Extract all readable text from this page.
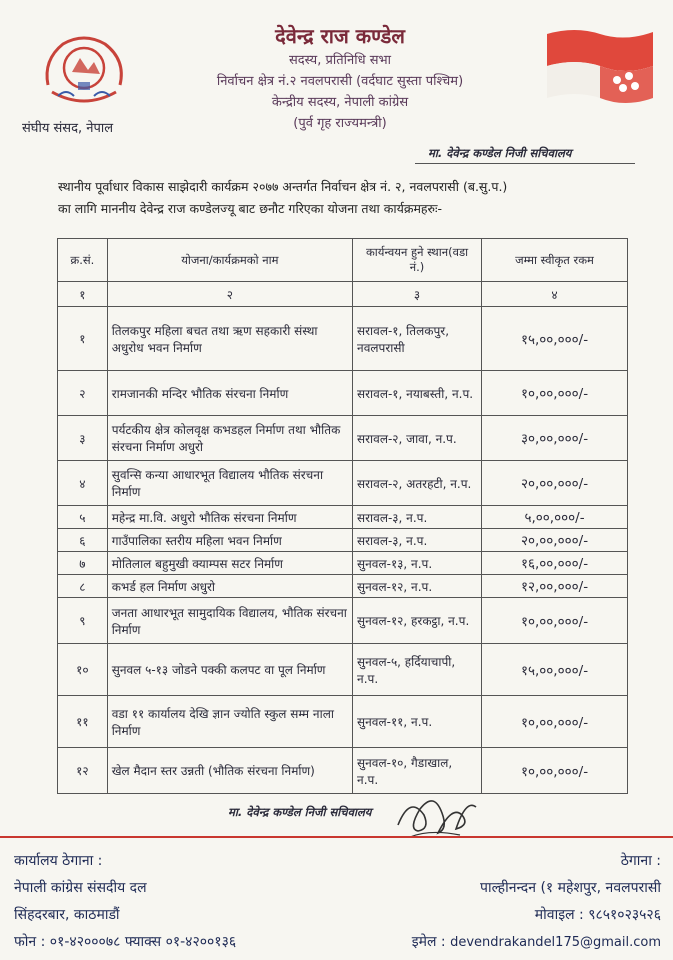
संघीय संसद, नेपाल
देवेन्द्र राज कण्डेल
सदस्य, प्रतिनिधि सभा
निर्वाचन क्षेत्र नं.२ नवलपरासी (वर्दघाट सुस्ता पश्चिम)
केन्द्रीय सदस्य, नेपाली कांग्रेस
(पुर्व गृह राज्यमन्त्री)
मा. देवेन्द्र कण्डेल निजी सचिवालय
स्थानीय पूर्वाधार विकास साझेदारी कार्यक्रम २०७७ अन्तर्गत निर्वाचन क्षेत्र नं. २, नवलपरासी (ब.सु.प.)
का लागि माननीय देवेन्द्र राज कण्डेलज्यू बाट छनौट गरिएका योजना तथा कार्यक्रमहरुः-
क्र.सं.	योजना/कार्यक्रमको नाम	कार्यन्वयन हुने स्थान(वडा नं.)	जम्मा स्वीकृत रकम
१	२	३	४
१	तिलकपुर महिला बचत तथा ऋण सहकारी संस्था अधुरोध भवन निर्माण	सरावल-१, तिलकपुर, नवलपरासी	१५,००,०००/-
२	रामजानकी मन्दिर भौतिक संरचना निर्माण	सरावल-१, नयाबस्ती, न.प.	१०,००,०००/-
३	पर्यटकीय क्षेत्र कोलवृक्ष कभडहल निर्माण तथा भौतिक संरचना निर्माण अधुरो	सरावल-२, जावा, न.प.	३०,००,०००/-
४	सुवन्सि कन्या आधारभूत विद्यालय भौतिक संरचना निर्माण	सरावल-२, अतरहटी, न.प.	२०,००,०००/-
५	महेन्द्र मा.वि. अधुरो भौतिक संरचना निर्माण	सरावल-३, न.प.	५,००,०००/-
६	गाउँपालिका स्तरीय महिला भवन निर्माण	सरावल-३, न.प.	२०,००,०००/-
७	मोतिलाल बहुमुखी क्याम्पस सटर निर्माण	सुनवल-१३, न.प.	१६,००,०००/-
८	कभर्ड हल निर्माण अधुरो	सुनवल-१२, न.प.	१२,००,०००/-
९	जनता आधारभूत सामुदायिक विद्यालय, भौतिक संरचना निर्माण	सुनवल-१२, हरकट्ठा, न.प.	१०,००,०००/-
१०	सुनवल ५-१३ जोडने पक्की कलपट वा पूल निर्माण	सुनवल-५, हर्दियाचापी, न.प.	१५,००,०००/-
११	वडा ११ कार्यालय देखि ज्ञान ज्योति स्कुल सम्म नाला निर्माण	सुनवल-११, न.प.	१०,००,०००/-
१२	खेल मैदान स्तर उन्नती (भौतिक संरचना निर्माण)	सुनवल-१०, गैडाखाल, न.प.	१०,००,०००/-
मा. देवेन्द्र कण्डेल निजी सचिवालय
कार्यालय ठेगाना :
नेपाली कांग्रेस संसदीय दल
सिंहदरबार, काठमाडौं
फोन : ०१-४२०००७८ फ्याक्स ०१-४२००१३६
ठेगाना :
पाल्हीनन्दन (१ महेशपुर, नवलपरासी
मोवाइल : ९८५१०२३५२६
इमेल : devendrakandel175@gmail.com
